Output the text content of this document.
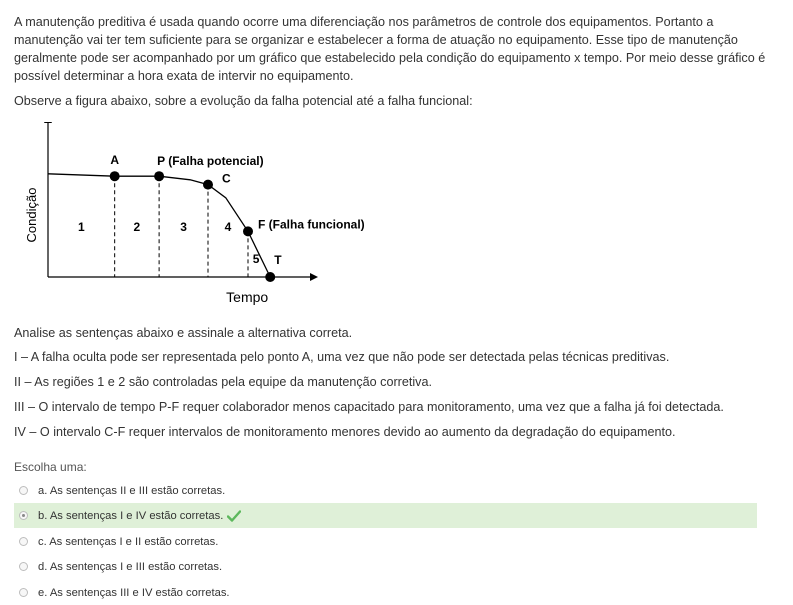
A manutenção preditiva é usada quando ocorre uma diferenciação nos parâmetros de controle dos equipamentos. Portanto a manutenção vai ter tem suficiente para se organizar e estabelecer a forma de atuação no equipamento. Esse tipo de manutenção geralmente pode ser acompanhado por um gráfico que estabelecido pela condição do equipamento x tempo. Por meio desse gráfico é possível determinar a hora exata de intervir no equipamento.
Observe a figura abaixo, sobre a evolução da falha potencial até a falha funcional:
Tempo
Condição	1	2	3	4
5
A	P (Falha potencial)
C
F (Falha funcional)
T
Analise as sentenças abaixo e assinale a alternativa correta.
I – A falha oculta pode ser representada pelo ponto A, uma vez que não pode ser detectada pelas técnicas preditivas.
II – As regiões 1 e 2 são controladas pela equipe da manutenção corretiva.
III – O intervalo de tempo P-F requer colaborador menos capacitado para monitoramento, uma vez que a falha já foi detectada.
IV – O intervalo C-F requer intervalos de monitoramento menores devido ao aumento da degradação do equipamento.
Escolha uma:
a. As sentenças II e III estão corretas.
b. As sentenças I e IV estão corretas.
c. As sentenças I e II estão corretas.
d. As sentenças I e III estão corretas.
e. As sentenças III e IV estão corretas.
